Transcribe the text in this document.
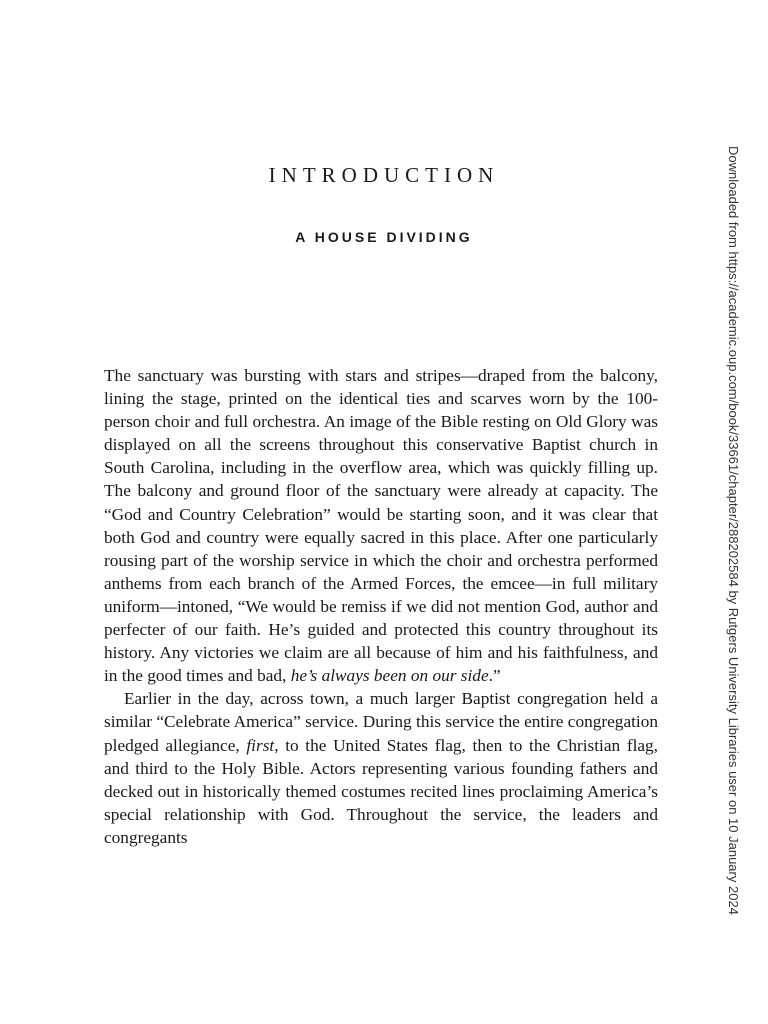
INTRODUCTION
A HOUSE DIVIDING

The sanctuary was bursting with stars and stripes—draped from the balcony, lining the stage, printed on the identical ties and scarves worn by the 100-person choir and full orchestra. An image of the Bible resting on Old Glory was displayed on all the screens throughout this conservative Baptist church in South Carolina, including in the overflow area, which was quickly filling up. The balcony and ground floor of the sanctuary were already at capacity. The “God and Country Celebration” would be starting soon, and it was clear that both God and country were equally sacred in this place. After one particularly rousing part of the worship service in which the choir and orchestra performed anthems from each branch of the Armed Forces, the emcee—in full military uniform—intoned, “We would be remiss if we did not mention God, author and perfecter of our faith. He’s guided and protected this country throughout its history. Any victories we claim are all because of him and his faithfulness, and in the good times and bad, he’s always been on our side.”

Earlier in the day, across town, a much larger Baptist congregation held a similar “Celebrate America” service. During this service the entire congregation pledged allegiance, first, to the United States flag, then to the Christian flag, and third to the Holy Bible. Actors representing various founding fathers and decked out in historically themed costumes recited lines proclaiming America’s special relationship with God. Throughout the service, the leaders and congregants	Downloaded from https://academic.oup.com/book/33661/chapter/288202584 by Rutgers University Libraries user on 10 January 2024
